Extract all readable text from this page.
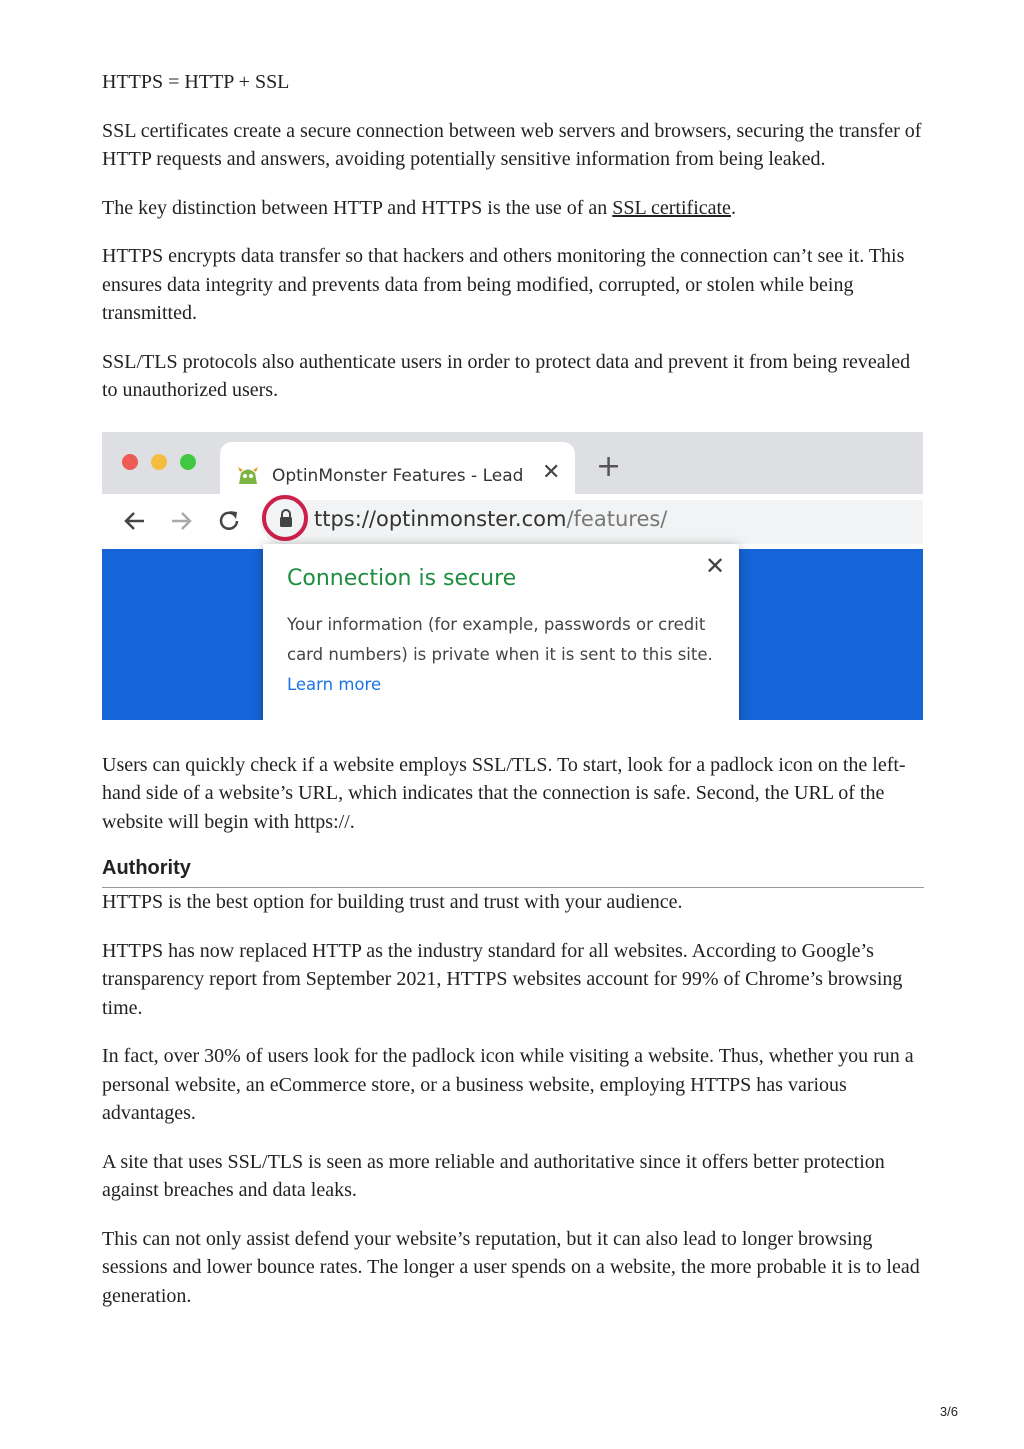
HTTPS = HTTP + SSL

SSL certificates create a secure connection between web servers and browsers, securing the transfer of HTTP requests and answers, avoiding potentially sensitive information from being leaked.

The key distinction between HTTP and HTTPS is the use of an SSL certificate.

HTTPS encrypts data transfer so that hackers and others monitoring the connection can’t see it. This ensures data integrity and prevents data from being modified, corrupted, or stolen while being transmitted.

SSL/TLS protocols also authenticate users in order to protect data and prevent it from being revealed to unauthorized users.

OptinMonster Features - Lead ✕ +
ttps://optinmonster.com/features/
Connection is secure	✕
Your information (for example, passwords or credit card numbers) is private when it is sent to this site. Learn more

Users can quickly check if a website employs SSL/TLS. To start, look for a padlock icon on the left-hand side of a website’s URL, which indicates that the connection is safe. Second, the URL of the website will begin with https://.

Authority

HTTPS is the best option for building trust and trust with your audience.

HTTPS has now replaced HTTP as the industry standard for all websites. According to Google’s transparency report from September 2021, HTTPS websites account for 99% of Chrome’s browsing time.

In fact, over 30% of users look for the padlock icon while visiting a website. Thus, whether you run a personal website, an eCommerce store, or a business website, employing HTTPS has various advantages.

A site that uses SSL/TLS is seen as more reliable and authoritative since it offers better protection against breaches and data leaks.

This can not only assist defend your website’s reputation, but it can also lead to longer browsing sessions and lower bounce rates. The longer a user spends on a website, the more probable it is to lead generation.

3/6
